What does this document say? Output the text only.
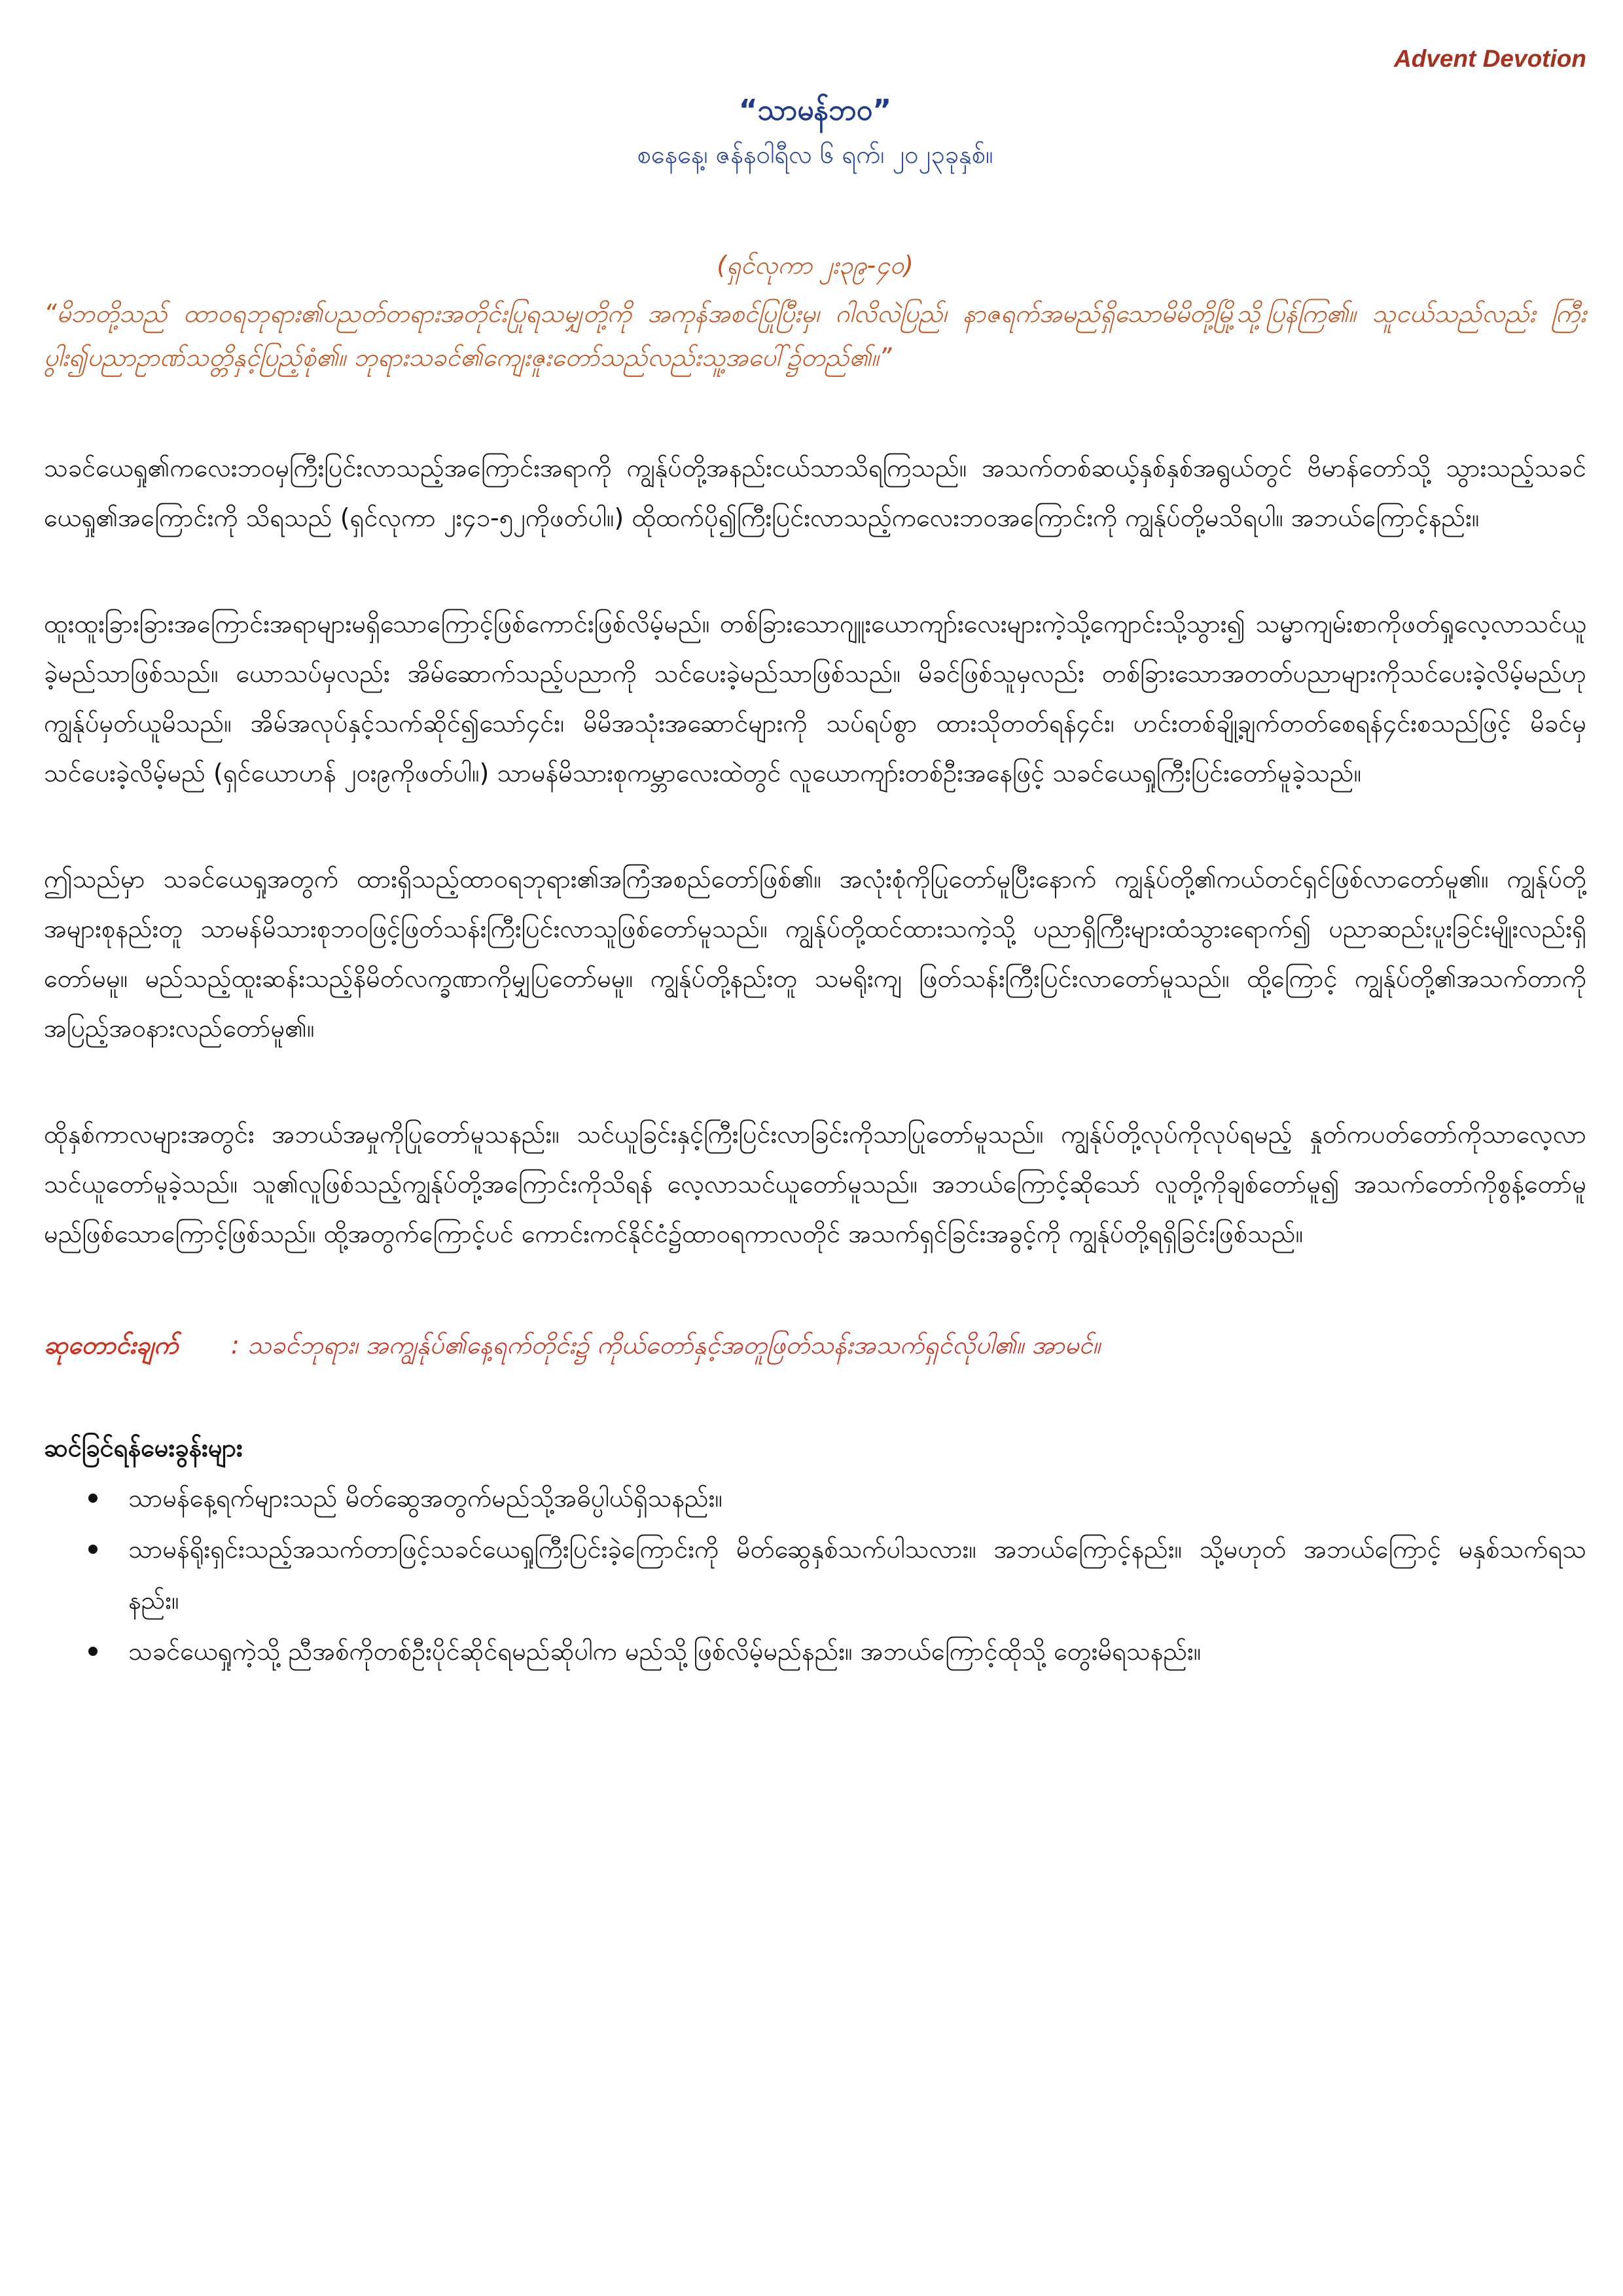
Advent Devotion
“သာမန်ဘဝ”
စနေနေ့၊ ဇန်နဝါရီလ ၆ ရက်၊ ၂၀၂၃ခုနှစ်။
(ရှင်လုကာ ၂း၃၉-၄၀)
“မိဘတို့သည် ထာဝရဘုရား၏ပညတ်တရားအတိုင်းပြုရသမျှတို့ကို အကုန်အစင်ပြုပြီးမှ၊ ဂါလိလဲပြည်၊ နာဇရက်အမည်ရှိသောမိမိတို့မြို့သို့ပြန်ကြ၏။ သူငယ်သည်လည်း ကြီးပွါး၍ပညာဥာဏ်သတ္တိနှင့်ပြည့်စုံ၏။ ဘုရားသခင်၏ကျေးဇူးတော်သည်လည်းသူ့အပေါ်၌တည်၏။”

သခင်ယေရှု၏ကလေးဘဝမှကြီးပြင်းလာသည့်အကြောင်းအရာကို ကျွန်ုပ်တို့အနည်းငယ်သာသိရကြသည်။ အသက်တစ်ဆယ့်နှစ်နှစ်အရွယ်တွင် ဗိမာန်တော်သို့ သွားသည့်သခင်ယေရှု၏အကြောင်းကို သိရသည် (ရှင်လုကာ ၂း၄၁-၅၂ကိုဖတ်ပါ။) ထိုထက်ပို၍ကြီးပြင်းလာသည့်ကလေးဘဝအကြောင်းကို ကျွန်ုပ်တို့မသိရပါ။ အဘယ်ကြောင့်နည်း။

ထူးထူးခြားခြားအကြောင်းအရာများမရှိသောကြောင့်ဖြစ်ကောင်းဖြစ်လိမ့်မည်။ တစ်ခြားသောဂျူးယောကျာ်းလေးများကဲ့သို့ကျောင်းသို့သွား၍ သမ္မာကျမ်းစာကိုဖတ်ရှုလေ့လာသင်ယူခဲ့မည်သာဖြစ်သည်။ ယောသပ်မှလည်း အိမ်ဆောက်သည့်ပညာကို သင်ပေးခဲ့မည်သာဖြစ်သည်။ မိခင်ဖြစ်သူမှလည်း တစ်ခြားသောအတတ်ပညာများကိုသင်ပေးခဲ့လိမ့်မည်ဟု ကျွန်ုပ်မှတ်ယူမိသည်။ အိမ်အလုပ်နှင့်သက်ဆိုင်၍သော်၄င်း၊ မိမိအသုံးအဆောင်များကို သပ်ရပ်စွာ ထားသိုတတ်ရန်၄င်း၊ ဟင်းတစ်ချို့ချက်တတ်စေရန်၄င်းစသည်ဖြင့် မိခင်မှသင်ပေးခဲ့လိမ့်မည် (ရှင်ယောဟန် ၂၀း၉ကိုဖတ်ပါ။) သာမန်မိသားစုကမ္ဘာလေးထဲတွင် လူယောကျာ်းတစ်ဦးအနေဖြင့် သခင်ယေရှုကြီးပြင်းတော်မူခဲ့သည်။

ဤသည်မှာ သခင်ယေရှုအတွက် ထားရှိသည့်ထာဝရဘုရား၏အကြံအစည်တော်ဖြစ်၏။ အလုံးစုံကိုပြုတော်မူပြီးနောက် ကျွန်ုပ်တို့၏ကယ်တင်ရှင်ဖြစ်လာတော်မူ၏။ ကျွန်ုပ်တို့အများစုနည်းတူ သာမန်မိသားစုဘဝဖြင့်ဖြတ်သန်းကြီးပြင်းလာသူဖြစ်တော်မူသည်။ ကျွန်ုပ်တို့ထင်ထားသကဲ့သို့ ပညာရှိကြီးများထံသွားရောက်၍ ပညာဆည်းပူးခြင်းမျိုးလည်းရှိတော်မမူ။ မည်သည့်ထူးဆန်းသည့်နိမိတ်လက္ခဏာကိုမျှပြတော်မမူ။ ကျွန်ုပ်တို့နည်းတူ သမရိုးကျ ဖြတ်သန်းကြီးပြင်းလာတော်မူသည်။ ထို့ကြောင့် ကျွန်ုပ်တို့၏အသက်တာကို အပြည့်အဝနားလည်တော်မူ၏။

ထိုနှစ်ကာလများအတွင်း အဘယ်အမှုကိုပြုတော်မူသနည်း။ သင်ယူခြင်းနှင့်ကြီးပြင်းလာခြင်းကိုသာပြုတော်မူသည်။ ကျွန်ုပ်တို့လုပ်ကိုလုပ်ရမည့် နှုတ်ကပတ်တော်ကိုသာလေ့လာသင်ယူတော်မူခဲ့သည်။ သူ၏လူဖြစ်သည့်ကျွန်ုပ်တို့အကြောင်းကိုသိရန် လေ့လာသင်ယူတော်မူသည်။ အဘယ်ကြောင့်ဆိုသော် လူတို့ကိုချစ်တော်မူ၍ အသက်တော်ကိုစွန့်တော်မူမည်ဖြစ်သောကြောင့်ဖြစ်သည်။ ထို့အတွက်ကြောင့်ပင် ကောင်းကင်နိုင်ငံ၌ထာဝရကာလတိုင် အသက်ရှင်ခြင်းအခွင့်ကို ကျွန်ုပ်တို့ရရှိခြင်းဖြစ်သည်။

ဆုတောင်းချက် : သခင်ဘုရား၊ အကျွန်ုပ်၏နေ့ရက်တိုင်း၌ ကိုယ်တော်နှင့်အတူဖြတ်သန်းအသက်ရှင်လိုပါ၏။ အာမင်။
ဆင်ခြင်ရန်မေးခွန်းများ
သာမန်နေ့ရက်များသည် မိတ်ဆွေအတွက်မည်သို့အဓိပ္ပါယ်ရှိသနည်း။
သာမန်ရိုးရှင်းသည့်အသက်တာဖြင့်သခင်ယေရှုကြီးပြင်းခဲ့ကြောင်းကို မိတ်ဆွေနှစ်သက်ပါသလား။ အဘယ်ကြောင့်နည်း။ သို့မဟုတ် အဘယ်ကြောင့် မနှစ်သက်ရသနည်း။
သခင်ယေရှုကဲ့သို့ ညီအစ်ကိုတစ်ဦးပိုင်ဆိုင်ရမည်ဆိုပါက မည်သို့ဖြစ်လိမ့်မည်နည်း။ အဘယ်ကြောင့်ထိုသို့ တွေးမိရသနည်း။
